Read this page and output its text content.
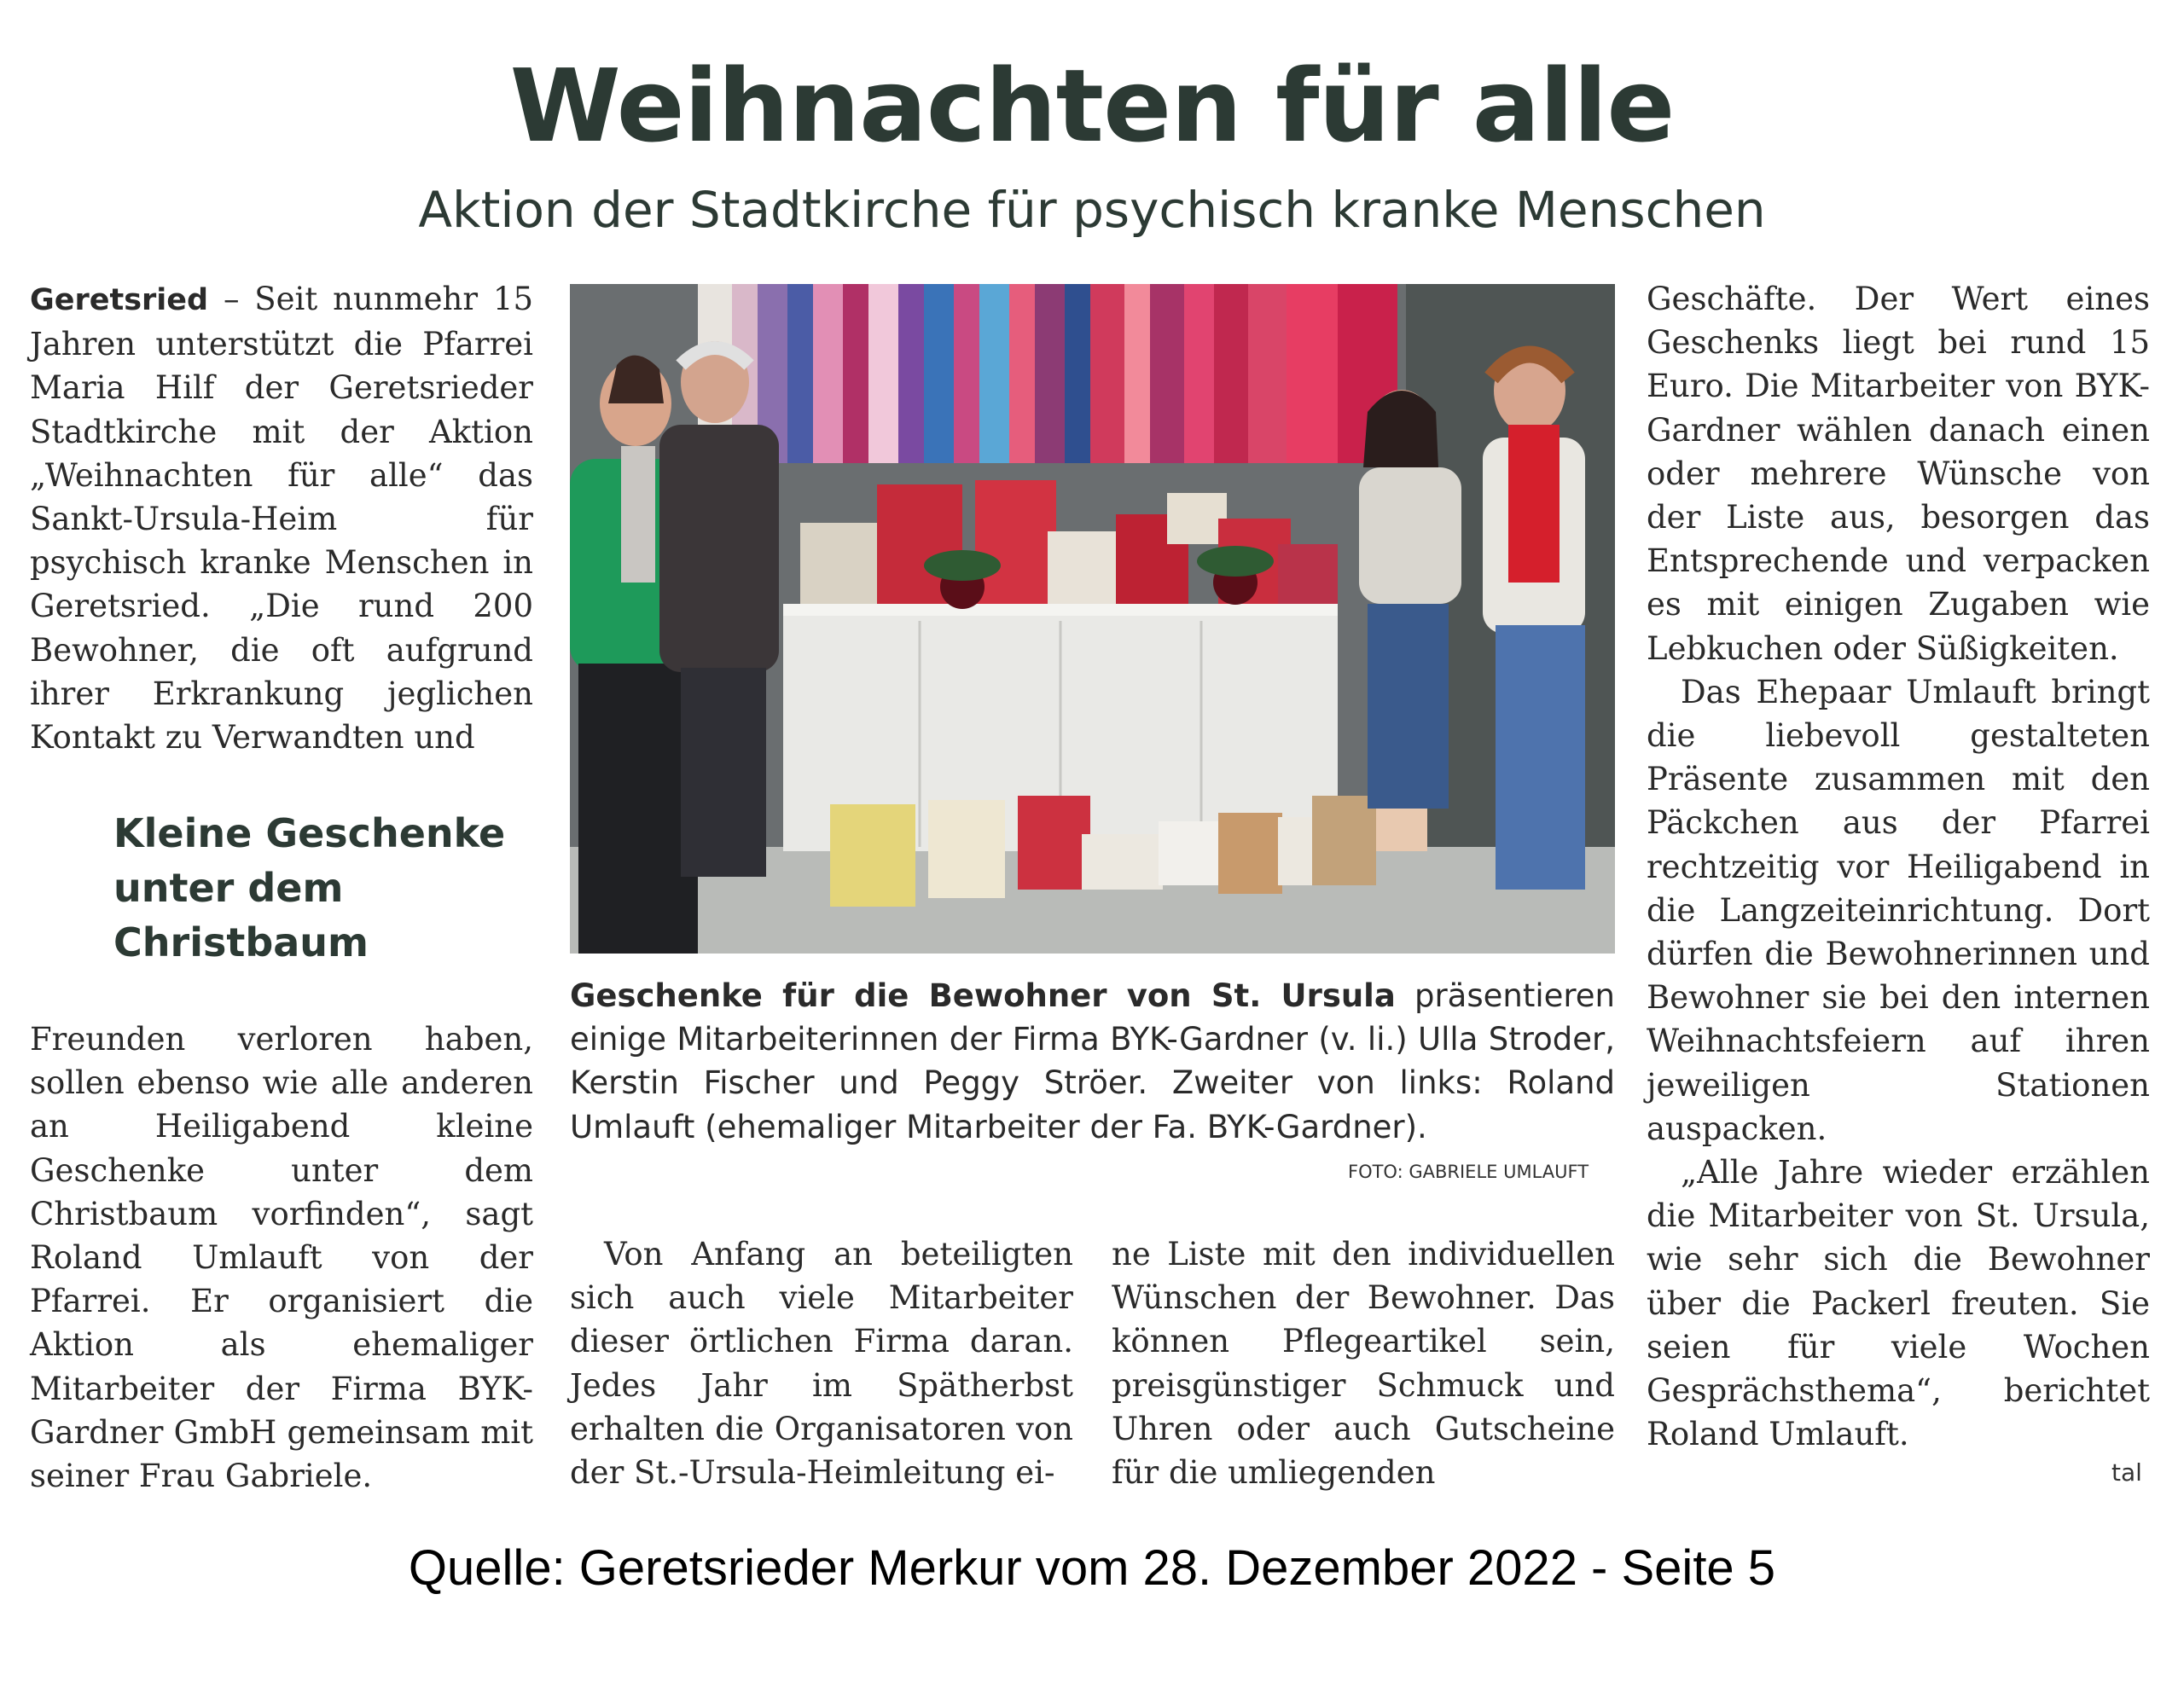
Weihnachten für alle
Aktion der Stadtkirche für psychisch kranke Menschen

Geretsried – Seit nunmehr 15 Jahren unterstützt die Pfarrei Maria Hilf der Geretsrieder Stadtkirche mit der Aktion „Weihnachten für alle“ das Sankt-Ursula-Heim für psychisch kranke Menschen in Geretsried. „Die rund 200 Bewohner, die oft aufgrund ihrer Erkrankung jeglichen Kontakt zu Verwandten und

Kleine Geschenke unter dem Christbaum

Freunden verloren haben, sollen ebenso wie alle anderen an Heiligabend kleine Geschenke unter dem Christbaum vorfinden“, sagt Roland Umlauft von der Pfarrei. Er organisiert die Aktion als ehemaliger Mitarbeiter der Firma BYK-Gardner GmbH gemeinsam mit seiner Frau Gabriele.

Geschenke für die Bewohner von St. Ursula präsentieren einige Mitarbeiterinnen der Firma BYK-Gardner (v. li.) Ulla Stroder, Kerstin Fischer und Peggy Ströer. Zweiter von links: Roland Umlauft (ehemaliger Mitarbeiter der Fa. BYK-Gardner).
FOTO: GABRIELE UMLAUFT

Von Anfang an beteiligten sich auch viele Mitarbeiter dieser örtlichen Firma daran. Jedes Jahr im Spätherbst erhalten die Organisatoren von der St.-Ursula-Heimleitung ei-

ne Liste mit den individuellen Wünschen der Bewohner. Das können Pflegeartikel sein, preisgünstiger Schmuck und Uhren oder auch Gutscheine für die umliegenden

Geschäfte. Der Wert eines Geschenks liegt bei rund 15 Euro. Die Mitarbeiter von BYK-Gardner wählen danach einen oder mehrere Wünsche von der Liste aus, besorgen das Entsprechende und verpacken es mit einigen Zugaben wie Lebkuchen oder Süßigkeiten.

Das Ehepaar Umlauft bringt die liebevoll gestalteten Präsente zusammen mit den Päckchen aus der Pfarrei rechtzeitig vor Heiligabend in die Langzeiteinrichtung. Dort dürfen die Bewohnerinnen und Bewohner sie bei den internen Weihnachtsfeiern auf ihren jeweiligen Stationen auspacken.

„Alle Jahre wieder erzählen die Mitarbeiter von St. Ursula, wie sehr sich die Bewohner über die Packerl freuten. Sie seien für viele Wochen Gesprächsthema“, berichtet Roland Umlauft.

tal
Quelle: Geretsrieder Merkur vom 28. Dezember 2022 - Seite 5
